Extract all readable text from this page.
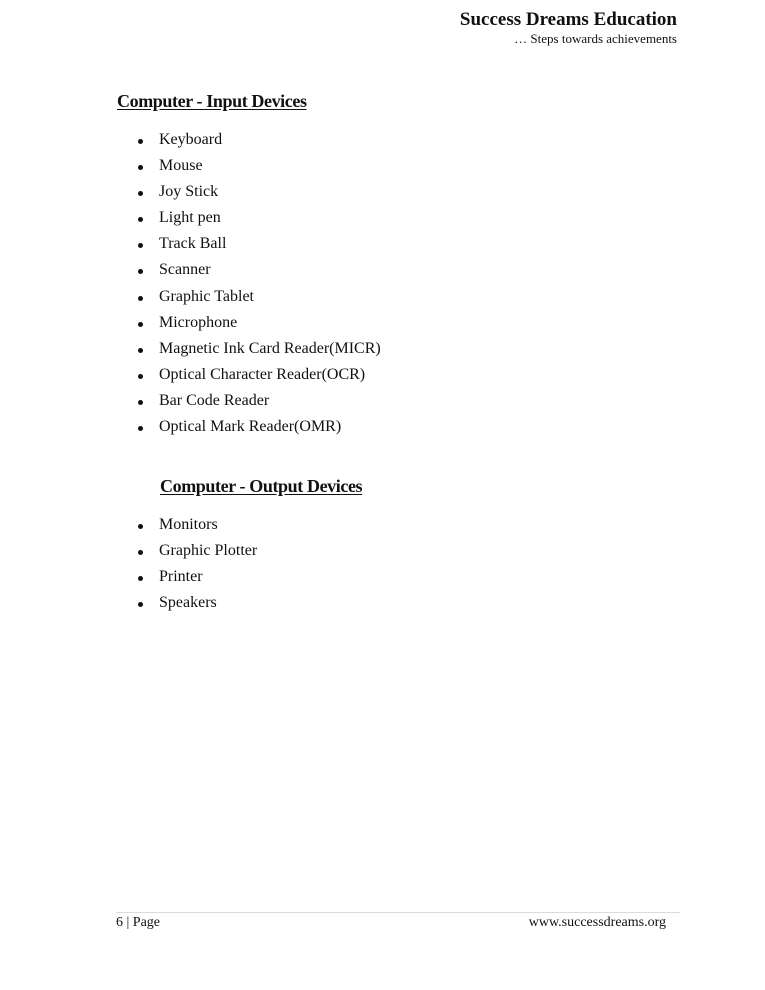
Success Dreams Education
… Steps towards achievements
Computer - Input Devices
Keyboard
Mouse
Joy Stick
Light pen
Track Ball
Scanner
Graphic Tablet
Microphone
Magnetic Ink Card Reader(MICR)
Optical Character Reader(OCR)
Bar Code Reader
Optical Mark Reader(OMR)
Computer - Output Devices
Monitors
Graphic Plotter
Printer
Speakers
6 | Page	www.successdreams.org
